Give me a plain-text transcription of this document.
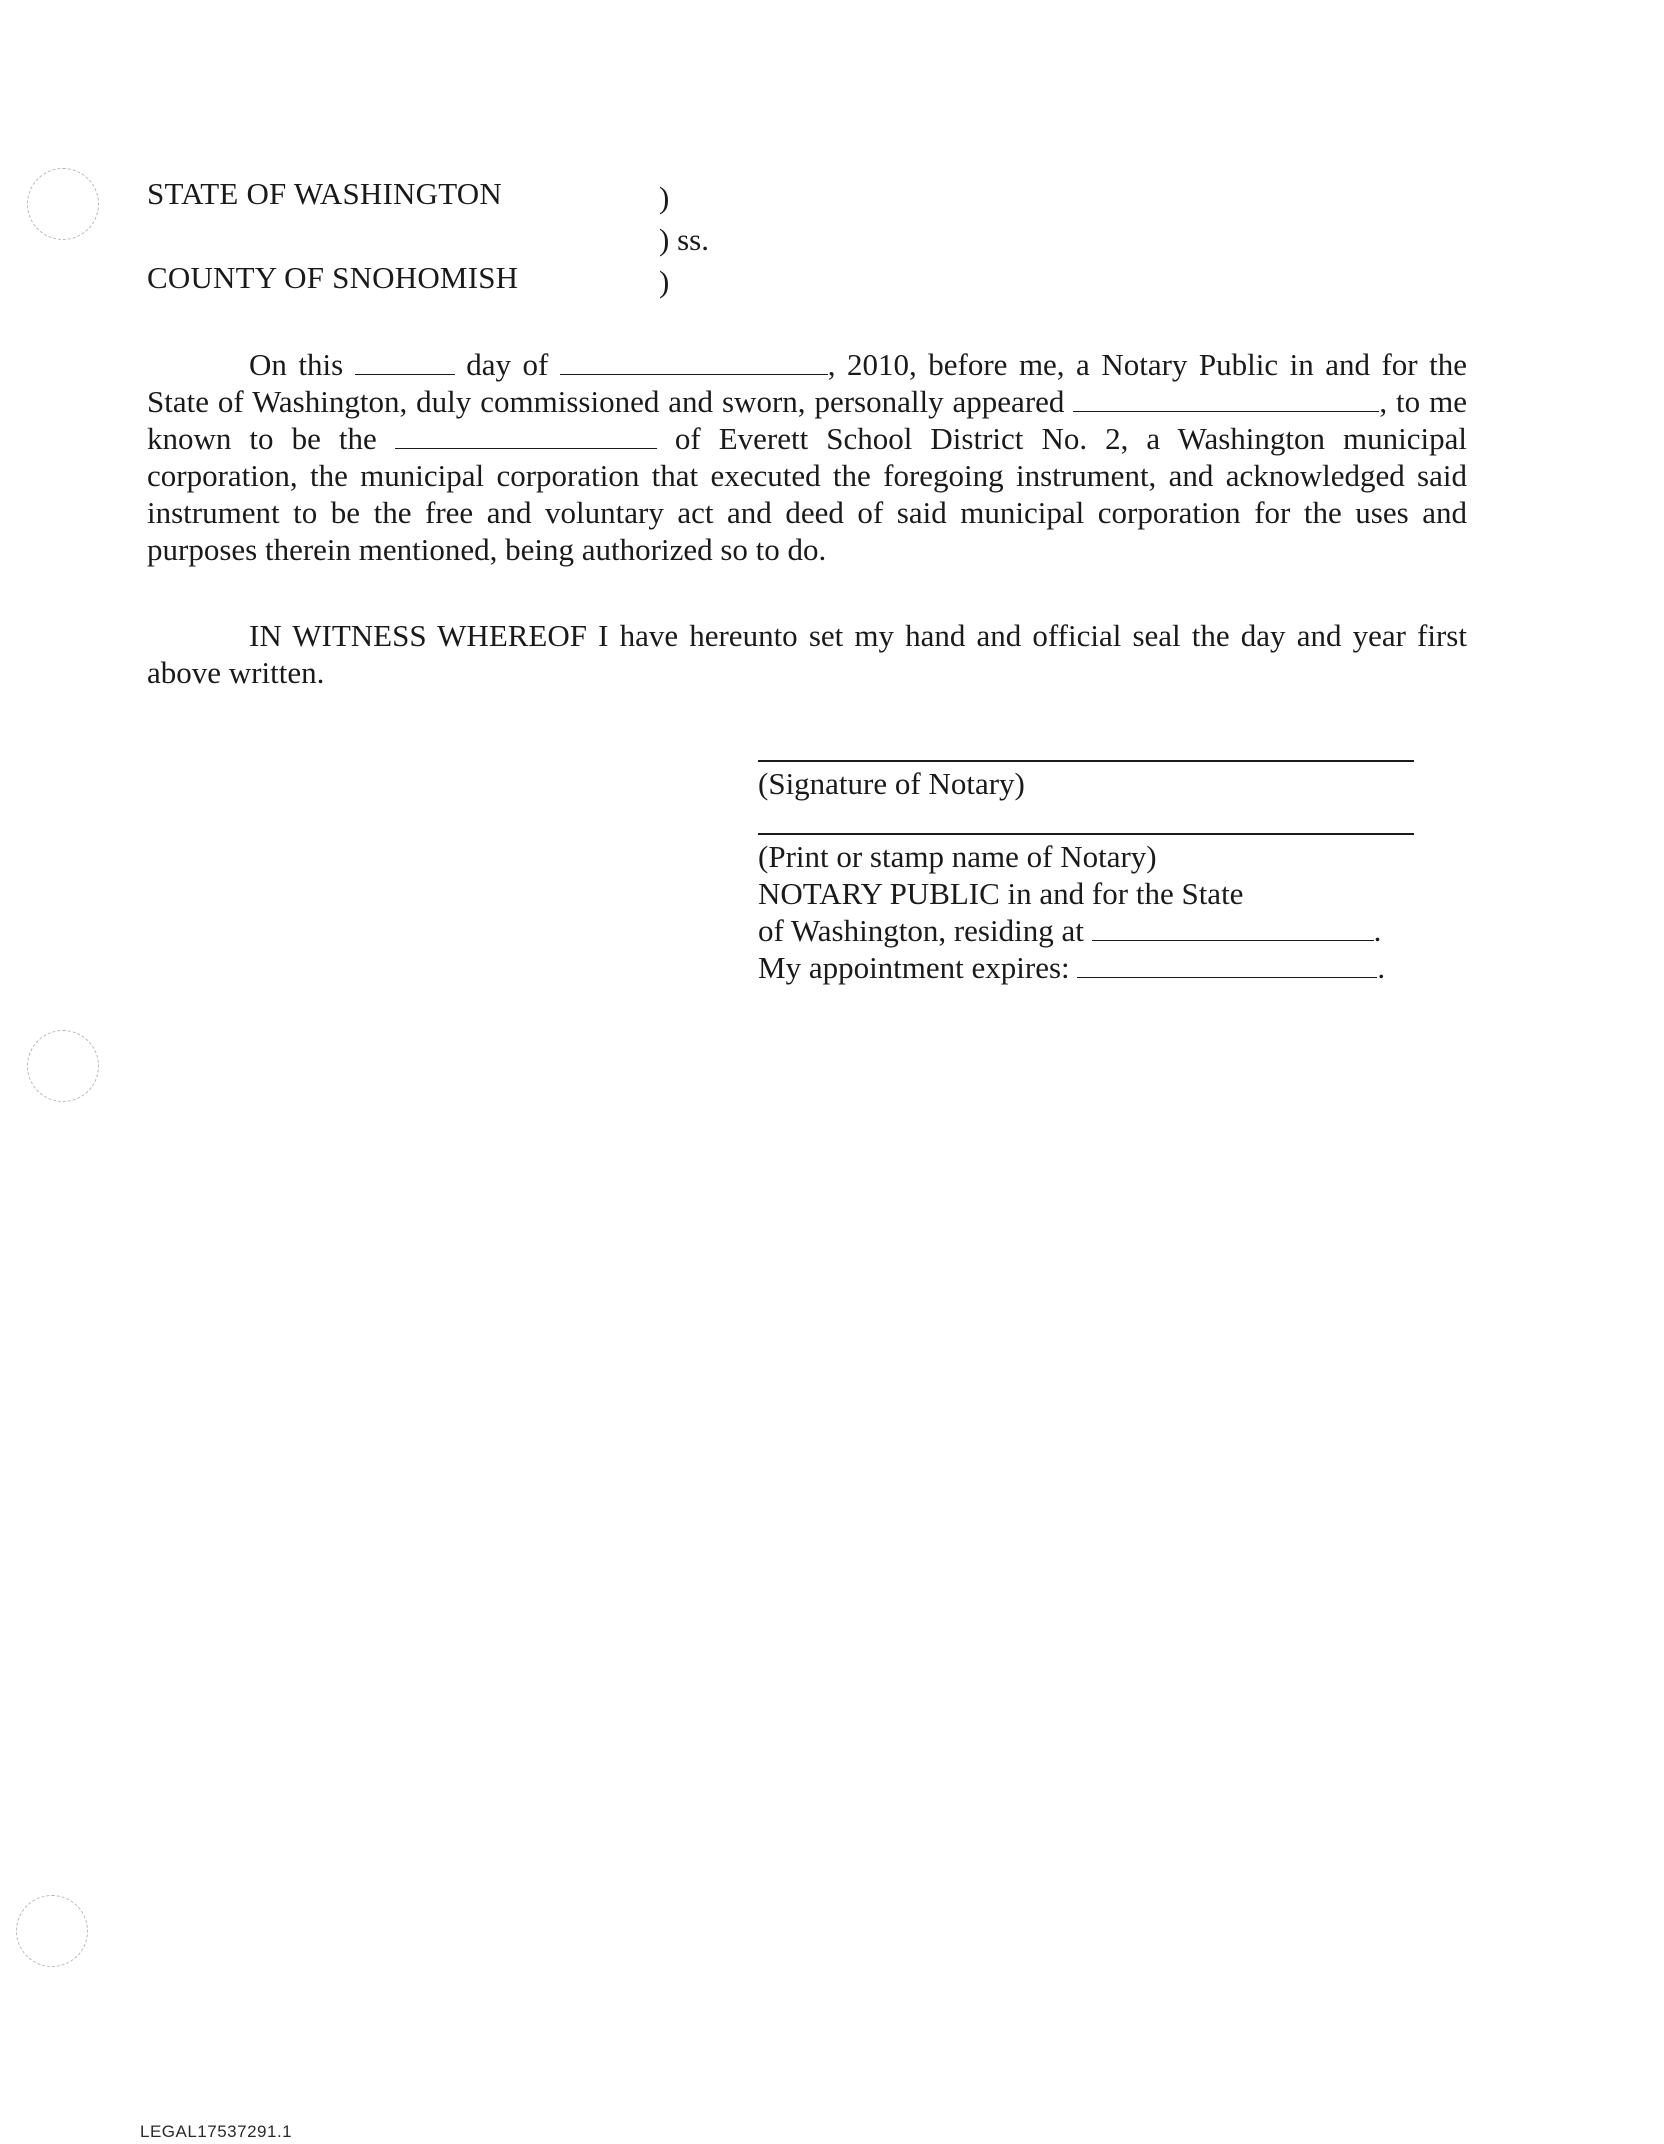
STATE OF WASHINGTON
COUNTY OF SNOHOMISH
)
) ss.
)

On this	day of	, 2010, before me, a Notary Public in and for the State of Washington, duly commissioned and sworn, personally appeared	, to me known to be the	of Everett School District No. 2, a Washington municipal corporation, the municipal corporation that executed the foregoing instrument, and acknowledged said instrument to be the free and voluntary act and deed of said municipal corporation for the uses and purposes therein mentioned, being authorized so to do.

IN WITNESS WHEREOF I have hereunto set my hand and official seal the day and year first above written.

(Signature of Notary)
(Print or stamp name of Notary)
NOTARY PUBLIC in and for the State
of Washington, residing at	.
My appointment expires:	.
LEGAL17537291.1
